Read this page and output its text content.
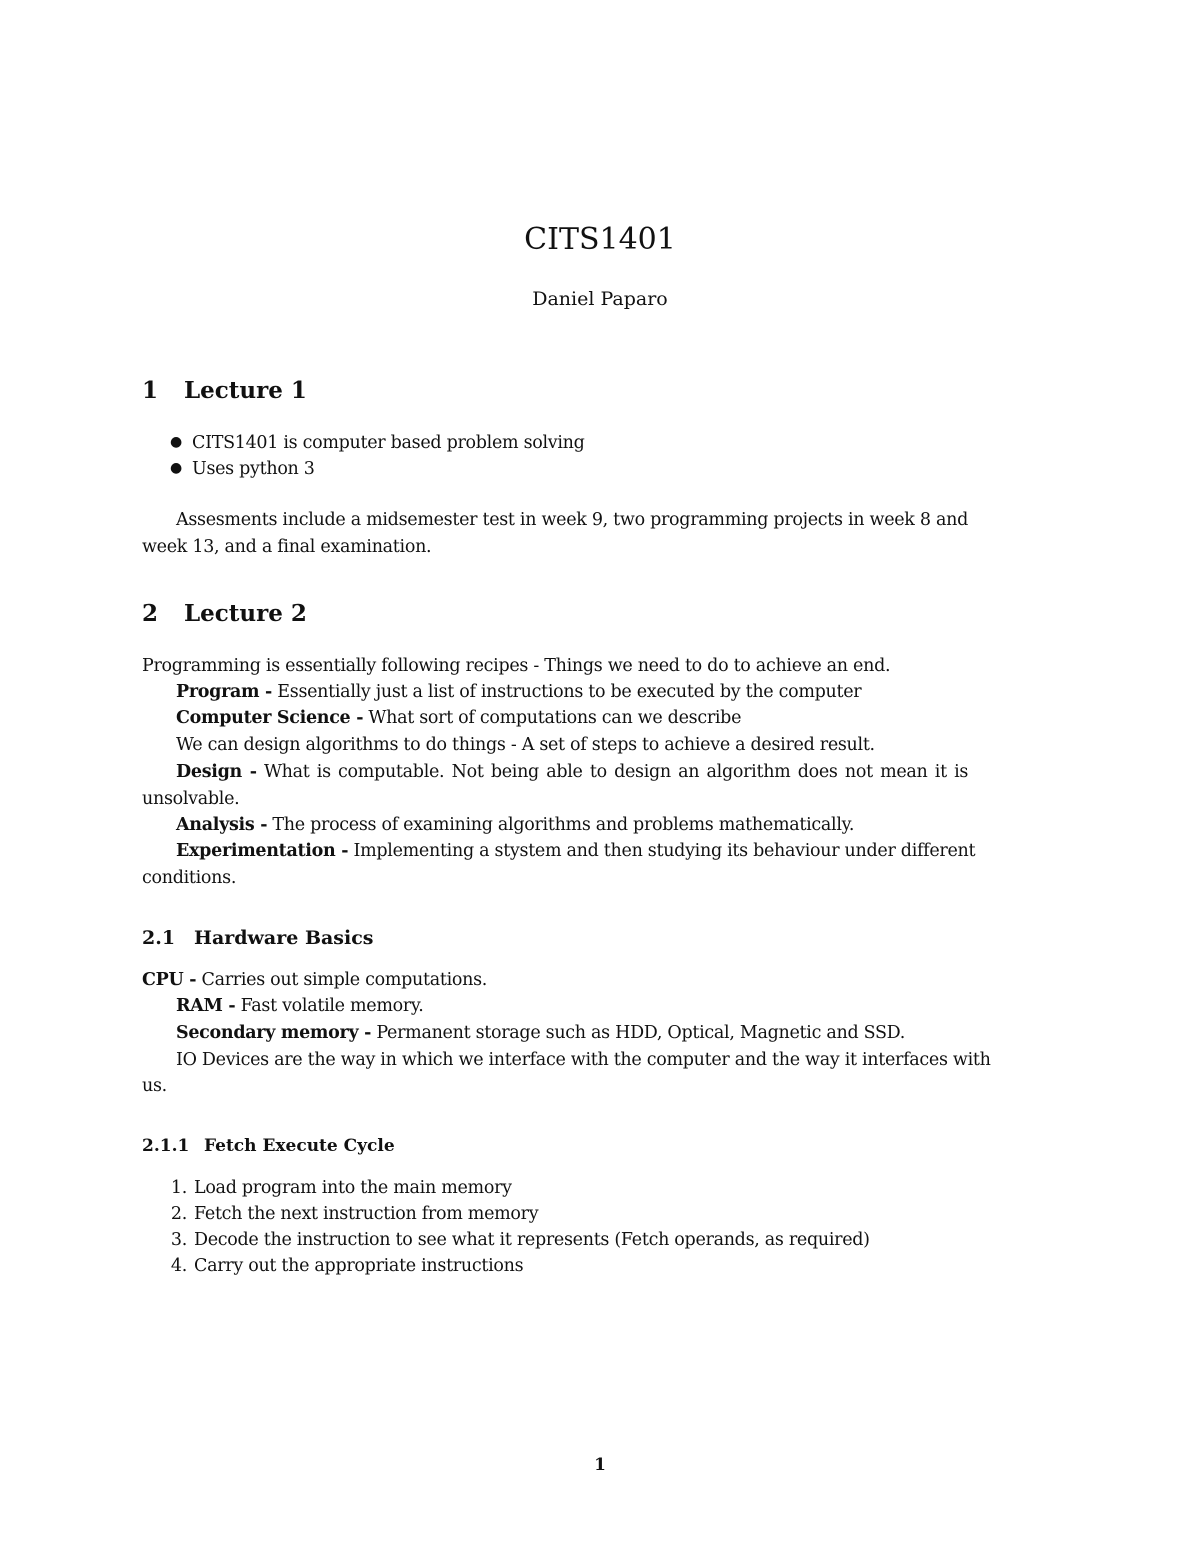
CITS1401
Daniel Paparo
1 Lecture 1
● CITS1401 is computer based problem solving
● Uses python 3
Assesments include a midsemester test in week 9, two programming projects in week 8 and
week 13, and a final examination.
2 Lecture 2
Programming is essentially following recipes - Things we need to do to achieve an end.
Program - Essentially just a list of instructions to be executed by the computer
Computer Science - What sort of computations can we describe
We can design algorithms to do things - A set of steps to achieve a desired result.
Design - What is computable. Not being able to design an algorithm does not mean it is
unsolvable.
Analysis - The process of examining algorithms and problems mathematically.
Experimentation - Implementing a stystem and then studying its behaviour under different
conditions.
2.1 Hardware Basics
CPU - Carries out simple computations.
RAM - Fast volatile memory.
Secondary memory - Permanent storage such as HDD, Optical, Magnetic and SSD.
IO Devices are the way in which we interface with the computer and the way it interfaces with
us.
2.1.1 Fetch Execute Cycle
1. Load program into the main memory
2. Fetch the next instruction from memory
3. Decode the instruction to see what it represents (Fetch operands, as required)
4. Carry out the appropriate instructions
1
